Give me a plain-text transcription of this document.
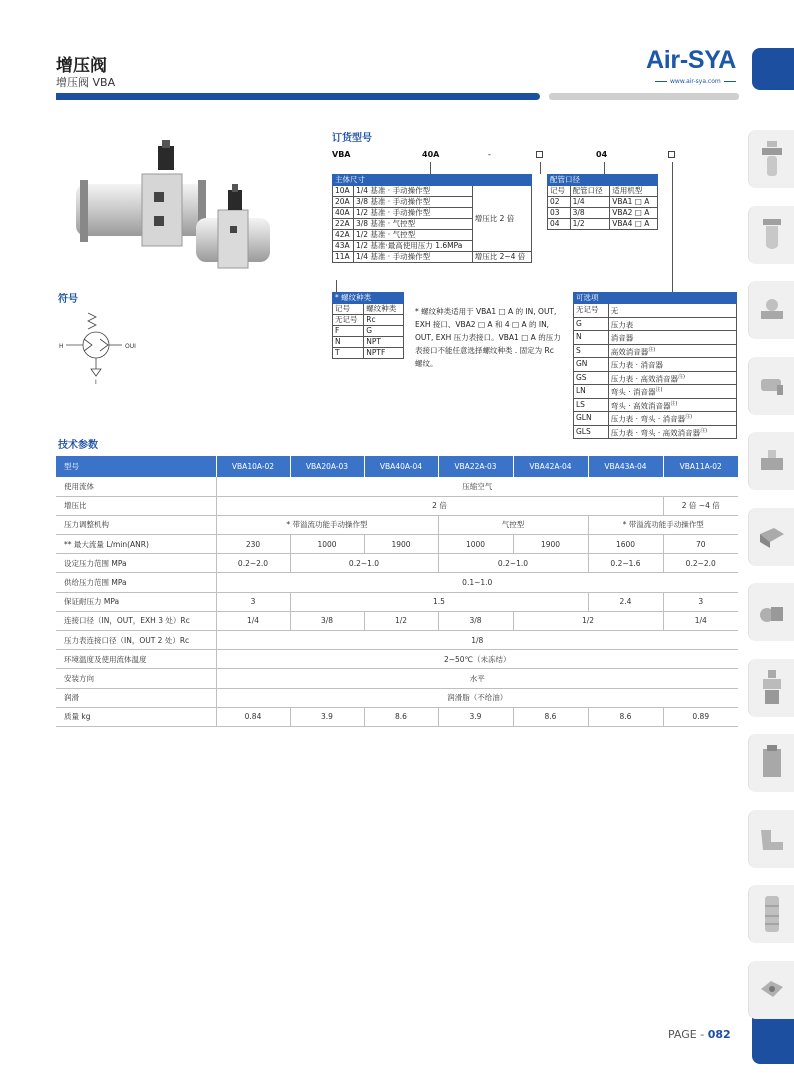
增压阀
增压阀 VBA
Air-SYA
www.air-sya.com
订货型号
符号
技术参数
H	OUI
I
VBA	40A	-	04
主体尺寸		
10A	1/4 基准 · 手动操作型	增压比 2 倍
20A	3/8 基准 · 手动操作型	
40A	1/2 基准 · 手动操作型	
22A	3/8 基准 · 气控型	
42A	1/2 基准 · 气控型	
43A	1/2 基准·最高使用压力 1.6MPa	
11A	1/4 基准 · 手动操作型	增压比 2~4 倍
配管口径		
记号	配管口径	适用机型
02	1/4	VBA1 □ A
03	3/8	VBA2 □ A
04	1/2	VBA4 □ A
* 螺纹种类	
记号	螺纹种类
无记号	Rc
F	G
N	NPT
T	NPTF
* 螺纹种类适用于 VBA1 □ A 的 IN, OUT, EXH 接口、VBA2 □ A 和 4 □ A 的 IN, OUT, EXH 压力表接口。VBA1 □ A 的压力表接口不能任意选择螺纹种类 . 固定为 Rc 螺纹。
可选项	
无记号	无
G	压力表
N	消音器
S	高效消音器$^{注)}$
GN	压力表 · 消音器
GS	压力表 · 高效消音器$^{注)}$
LN	弯头 · 消音器$^{注)}$
LS	弯头 · 高效消音器$^{注)}$
GLN	压力表 · 弯头 · 消音器$^{注)}$
GLS	压力表 · 弯头 · 高效消音器$^{注)}$
型号	VBA10A-02	VBA20A-03	VBA40A-04	VBA22A-03	VBA42A-04	VBA43A-04	VBA11A-02
使用流体	压缩空气						
增压比	2 倍						2 倍 ~4 倍
压力调整机构	* 带溢流功能手动操作型			气控型		* 带溢流功能手动操作型	
** 最大流量 L/min(ANR)	230	1000	1900	1000	1900	1600	70
设定压力范围 MPa	0.2~2.0	0.2~1.0		0.2~1.0		0.2~1.6	0.2~2.0
供给压力范围 MPa	0.1~1.0						
保证耐压力 MPa	3	1.5				2.4	3
连接口径（IN，OUT，EXH 3 处）Rc	1/4	3/8	1/2	3/8	1/2		1/4
压力表连接口径（IN，OUT 2 处）Rc	1/8						
环境温度及使用流体温度	2~50℃（未冻结）						
安装方向	水平						
润滑	润滑脂（不给油）						
质量 kg	0.84	3.9	8.6	3.9	8.6	8.6	0.89
PAGE - 082
